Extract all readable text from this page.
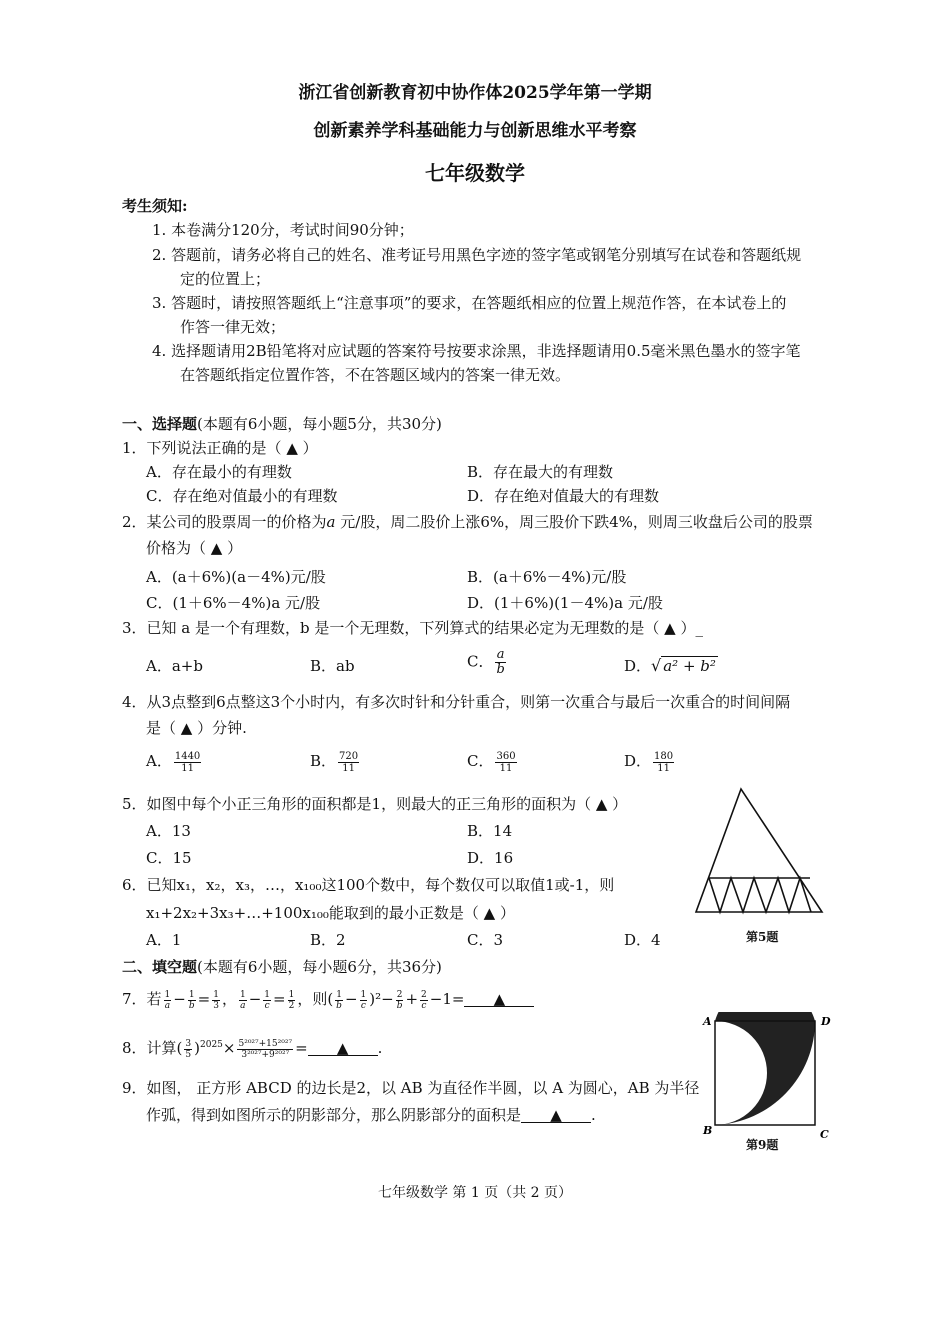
浙江省创新教育初中协作体2025学年第一学期
创新素养学科基础能力与创新思维水平考察
七年级数学
考生须知:
1. 本卷满分120分，考试时间90分钟；
2. 答题前，请务必将自己的姓名、准考证号用黑色字迹的签字笔或钢笔分别填写在试卷和答题纸规
定的位置上；
3. 答题时，请按照答题纸上“注意事项”的要求，在答题纸相应的位置上规范作答，在本试卷上的
作答一律无效；
4. 选择题请用2B铅笔将对应试题的答案符号按要求涂黑，非选择题请用0.5毫米黑色墨水的签字笔
在答题纸指定位置作答，不在答题区域内的答案一律无效。
一、选择题(本题有6小题，每小题5分，共30分)
1．下列说法正确的是（ ▲ ）
A．存在最小的有理数	B．存在最大的有理数
C．存在绝对值最小的有理数	D．存在绝对值最大的有理数
2．某公司的股票周一的价格为a 元/股，周二股价上涨6%，周三股价下跌4%，则周三收盘后公司的股票
价格为（ ▲ ）
A．(a＋6%)(a－4%)元/股	B．(a＋6%－4%)元/股
C．(1＋6%－4%)a 元/股	D．(1＋6%)(1－4%)a 元/股
3．已知 a 是一个有理数，b 是一个无理数，下列算式的结果必定为无理数的是（ ▲ ）_
A．a+b	B．ab	C． $\frac{a}{b}$	D．√ a² + b²
4．从3点整到6点整这3个小时内，有多次时针和分针重合，则第一次重合与最后一次重合的时间间隔
是（ ▲ ）分钟.
A． $\frac{1440}{11}$	B． $\frac{720}{11}$	C． $\frac{360}{11}$	D． $\frac{180}{11}$
5．如图中每个小正三角形的面积都是1，则最大的正三角形的面积为（ ▲ ）
A．13	B．14
C．15	D．16
第5题
6．已知x₁，x₂，x₃，…，x₁₀₀这100个数中，每个数仅可以取值1或-1，则
x₁+2x₂+3x₃+…+100x₁₀₀能取到的最小正数是（ ▲ ）
A．1	B．2	C．3	D．4
二、填空题(本题有6小题，每小题6分，共36分)
7．若 $\frac{1}{a} - \frac{1}{b} = \frac{1}{3}$ ， $\frac{1}{a} - \frac{1}{c} = \frac{1}{2}$ ，则( $\frac{1}{b} - \frac{1}{c} )^2- \frac{2}{b} + \frac{2}{c} -1=$ ▲
8．计算( $\frac{3}{5} )^{2025}\times \frac{\text{5²⁰²⁷+15²⁰²⁷}}{\text{3²⁰²⁷+9²⁰²⁷}}$ = ▲ .
9．如图， 正方形 ABCD 的边长是2，以 AB 为直径作半圆，以 A 为圆心，AB 为半径
作弧，得到如图所示的阴影部分，那么阴影部分的面积是 ▲ .
A	D
B	C
第9题
七年级数学 第 1 页（共 2 页）
